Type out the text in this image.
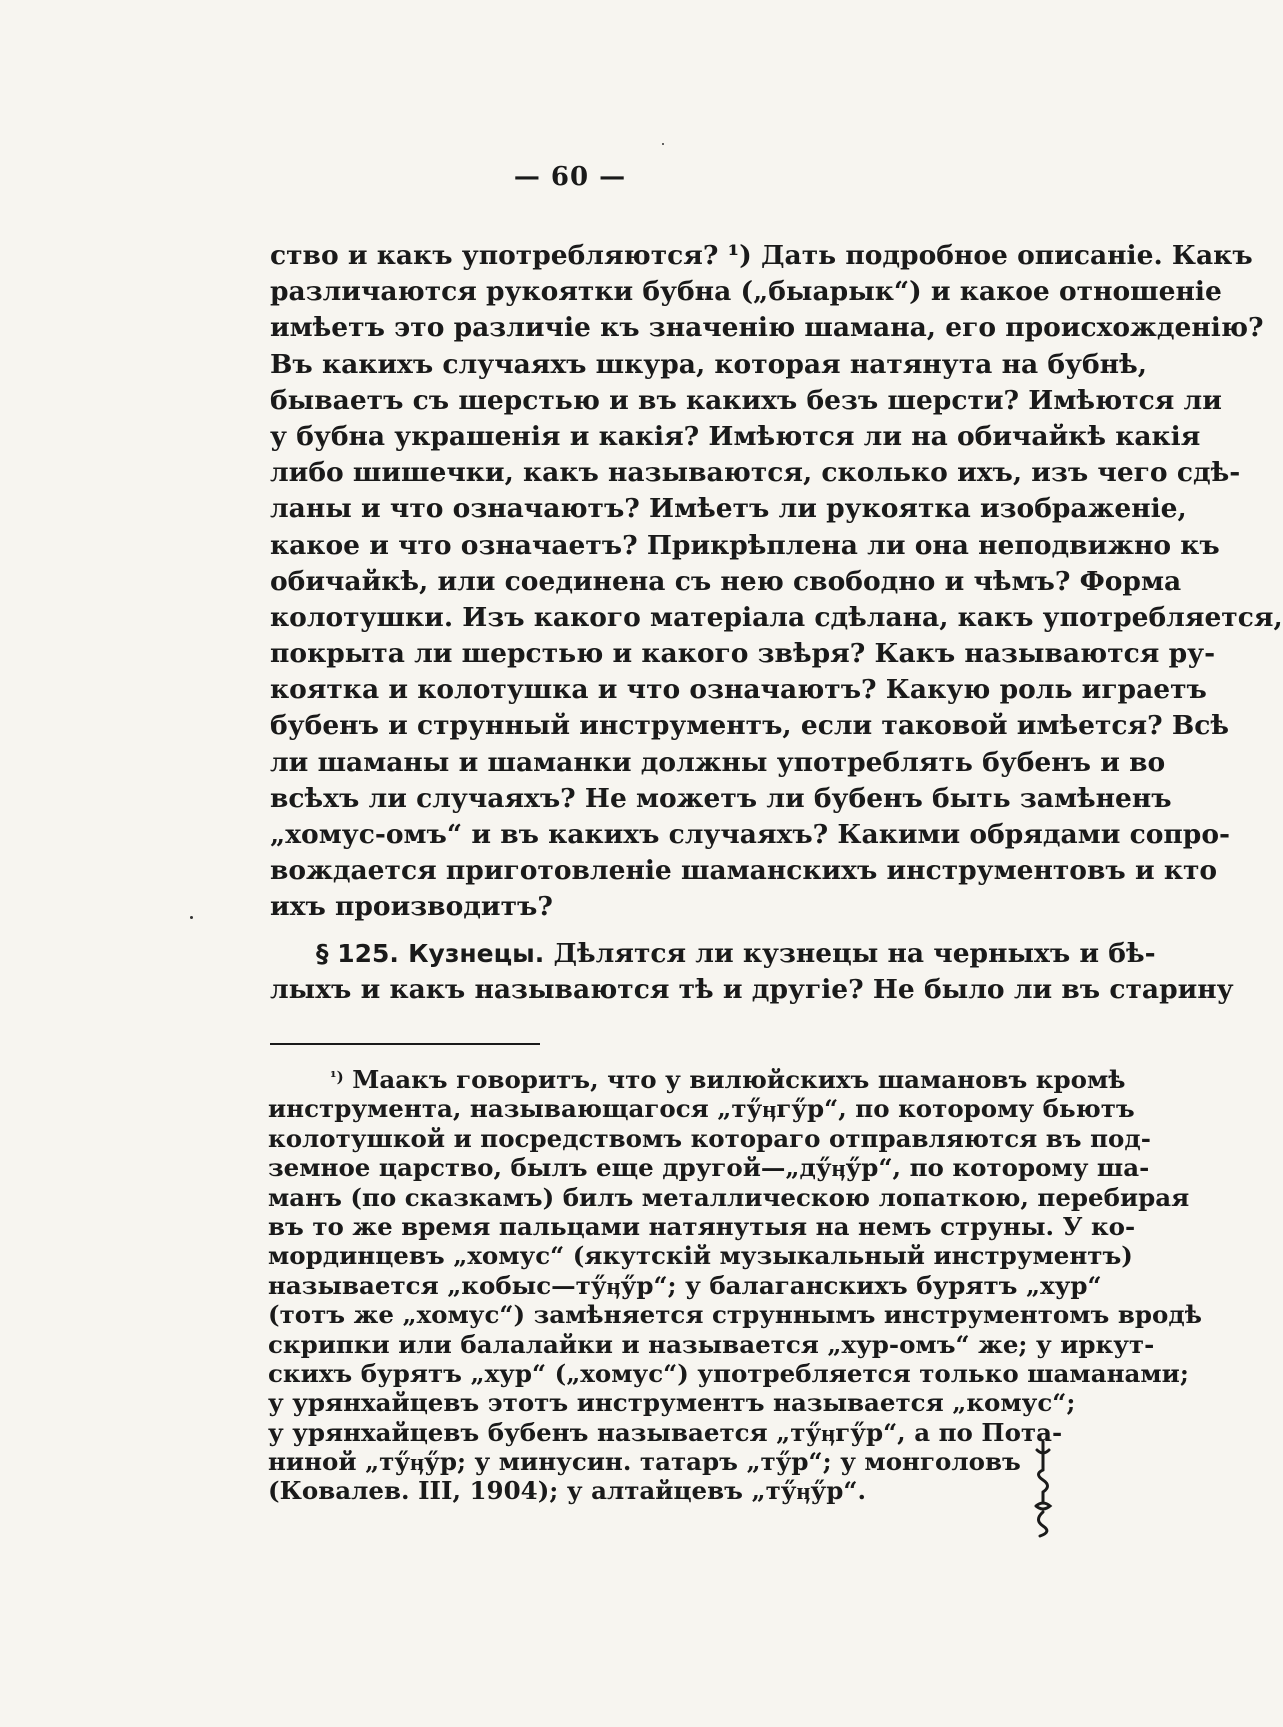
— 60 —
ство и какъ употребляются? ¹) Дать подробное описаніе. Какъ
различаются рукоятки бубна („быарык“) и какое отношеніе
имѣетъ это различіе къ значенію шамана, его происхожденію?
Въ какихъ случаяхъ шкура, которая натянута на бубнѣ,
бываетъ съ шерстью и въ какихъ безъ шерсти? Имѣются ли
у бубна украшенія и какія? Имѣются ли на обичайкѣ какія
либо шишечки, какъ называются, сколько ихъ, изъ чего сдѣ-
ланы и что означаютъ? Имѣетъ ли рукоятка изображеніе,
какое и что означаетъ? Прикрѣплена ли она неподвижно къ
обичайкѣ, или соединена съ нею свободно и чѣмъ? Форма
колотушки. Изъ какого матеріала сдѣлана, какъ употребляется,
покрыта ли шерстью и какого звѣря? Какъ называются ру-
коятка и колотушка и что означаютъ? Какую роль играетъ
бубенъ и струнный инструментъ, если таковой имѣется? Всѣ
ли шаманы и шаманки должны употреблять бубенъ и во
всѣхъ ли случаяхъ? Не можетъ ли бубенъ быть замѣненъ
„хомус-омъ“ и въ какихъ случаяхъ? Какими обрядами сопро-
вождается приготовленіе шаманскихъ инструментовъ и кто
ихъ производитъ?
§ 125. Кузнецы. Дѣлятся ли кузнецы на черныхъ и бѣ-
лыхъ и какъ называются тѣ и другіе? Не было ли въ старину
$^{^1)}$ Маакъ говоритъ, что у вилюйскихъ шамановъ кромѣ
инструмента, называющагося „тӳӊгӳр“, по которому бьютъ
колотушкой и посредствомъ котораго отправляются въ под-
земное царство, былъ еще другой—„дӳӊӳр“, по которому ша-
манъ (по сказкамъ) билъ металлическою лопаткою, перебирая
въ то же время пальцами натянутыя на немъ струны. У ко-
мординцевъ „хомус“ (якутскій музыкальный инструментъ)
называется „кобыс—тӳӊӳр“; у балаганскихъ бурятъ „хур“
(тотъ же „хомус“) замѣняется струннымъ инструментомъ вродѣ
скрипки или балалайки и называется „хур-омъ“ же; у иркут-
скихъ бурятъ „хур“ („хомус“) употребляется только шаманами;
у урянхайцевъ этотъ инструментъ называется „комус“;
у урянхайцевъ бубенъ называется „тӳӊгӳр“, а по Пота-
ниной „тӳӊӳр; у минусин. татаръ „тӳр“; у монголовъ
(Ковалев. III, 1904); у алтайцевъ „тӳӊӳр“.
